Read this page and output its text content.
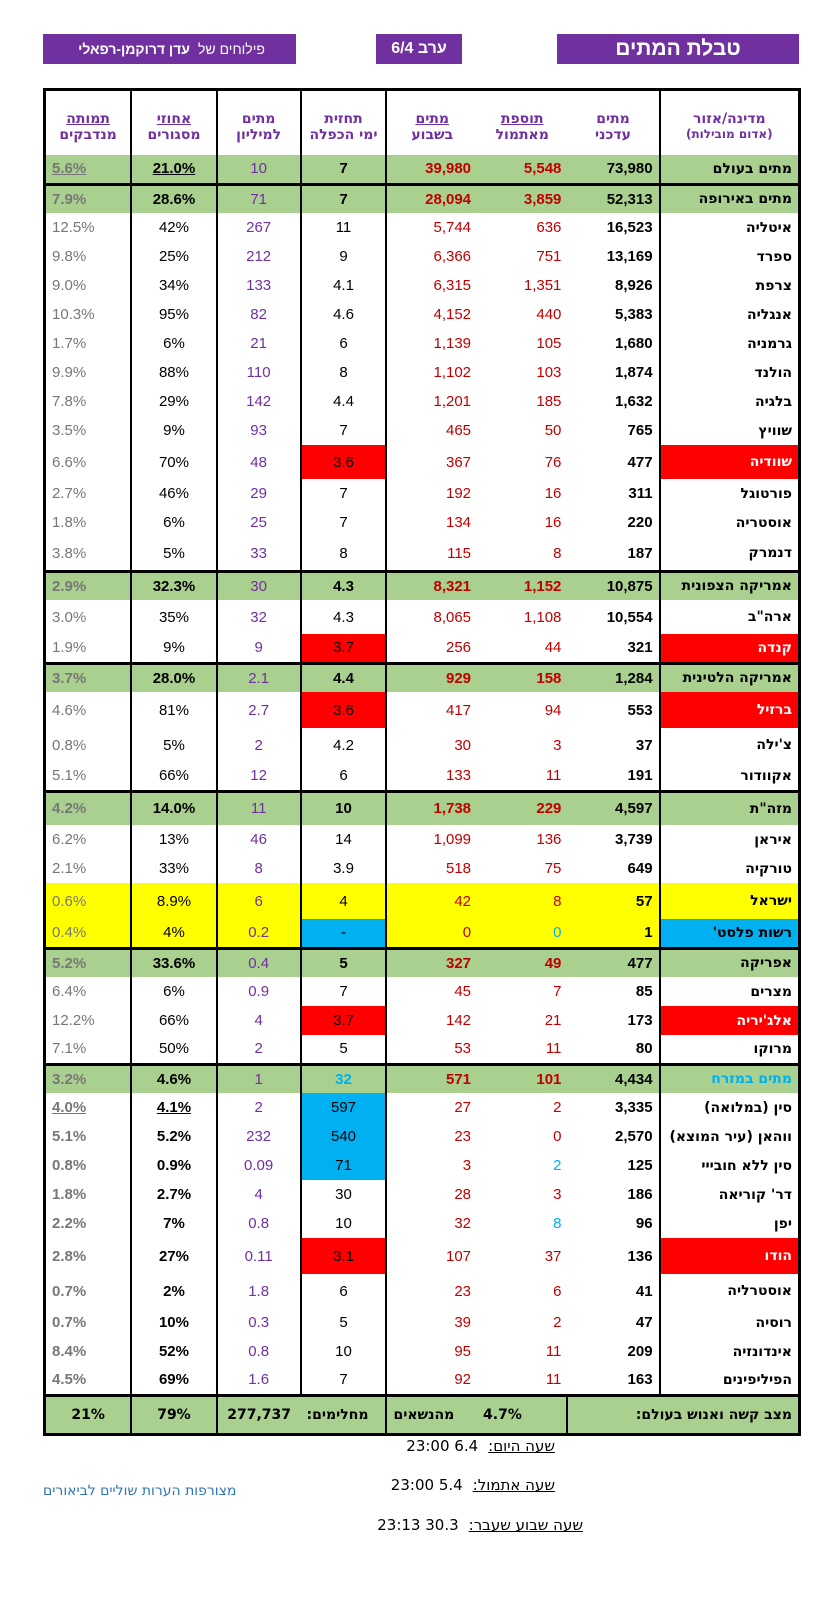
טבלת המתים
ערב 6/4
פילוחים
של
עדן דרוקמן-רפאלי
מדינה/אזור	מתים	תוספת	מתים	תחזית	מתים	אחוזי	תמותה
(אדום מובילות)	עדכני	מאתמול	בשבוע	ימי הכפלה	למיליון	מסגורים	מנדבקים
מתים בעולם	73,980	5,548	39,980	7	10	21.0%	5.6%
מתים באירופה	52,313	3,859	28,094	7	71	28.6%	7.9%
איטליה	16,523	636	5,744	11	267	42%	12.5%
ספרד	13,169	751	6,366	9	212	25%	9.8%
צרפת	8,926	1,351	6,315	4.1	133	34%	9.0%
אנגליה	5,383	440	4,152	4.6	82	95%	10.3%
גרמניה	1,680	105	1,139	6	21	6%	1.7%
הולנד	1,874	103	1,102	8	110	88%	9.9%
בלגיה	1,632	185	1,201	4.4	142	29%	7.8%
שוויץ	765	50	465	7	93	9%	3.5%
שוודיה	477	76	367	3.6	48	70%	6.6%
פורטוגל	311	16	192	7	29	46%	2.7%
אוסטריה	220	16	134	7	25	6%	1.8%
דנמרק	187	8	115	8	33	5%	3.8%
אמריקה הצפונית	10,875	1,152	8,321	4.3	30	32.3%	2.9%
ארה"ב	10,554	1,108	8,065	4.3	32	35%	3.0%
קנדה	321	44	256	3.7	9	9%	1.9%
אמריקה הלטינית	1,284	158	929	4.4	2.1	28.0%	3.7%
ברזיל	553	94	417	3.6	2.7	81%	4.6%
צ'ילה	37	3	30	4.2	2	5%	0.8%
אקוודור	191	11	133	6	12	66%	5.1%
מזה"ת	4,597	229	1,738	10	11	14.0%	4.2%
איראן	3,739	136	1,099	14	46	13%	6.2%
טורקיה	649	75	518	3.9	8	33%	2.1%
ישראל	57	8	42	4	6	8.9%	0.6%
רשות פלסט'	1	0	0	-	0.2	4%	0.4%
אפריקה	477	49	327	5	0.4	33.6%	5.2%
מצרים	85	7	45	7	0.9	6%	6.4%
אלג'יריה	173	21	142	3.7	4	66%	12.2%
מרוקו	80	11	53	5	2	50%	7.1%
מתים במזרח	4,434	101	571	32	1	4.6%	3.2%
סין (במלואה)	3,335	2	27	597	2	4.1%	4.0%
ווהאן (עיר המוצא)	2,570	0	23	540	232	5.2%	5.1%
סין ללא חובייי	125	2	3	71	0.09	0.9%	0.8%
דר' קוריאה	186	3	28	30	4	2.7%	1.8%
יפן	96	8	32	10	0.8	7%	2.2%
הודו	136	37	107	3.1	0.11	27%	2.8%
אוסטרליה	41	6	23	6	1.8	2%	0.7%
רוסיה	47	2	39	5	0.3	10%	0.7%
אינדונזיה	209	11	95	10	0.8	52%	8.4%
הפיליפינים	163	11	92	7	1.6	69%	4.5%
מצב קשה ואנוש בעולם:		4.7%	מהנשאים	מחלימים:	277,737	79%	21%
שעה היום:6.4 23:00
שעה אתמול:5.4 23:00
שעה שבוע שעבר:30.3 23:13
מצורפות הערות שוליים לביאורים
